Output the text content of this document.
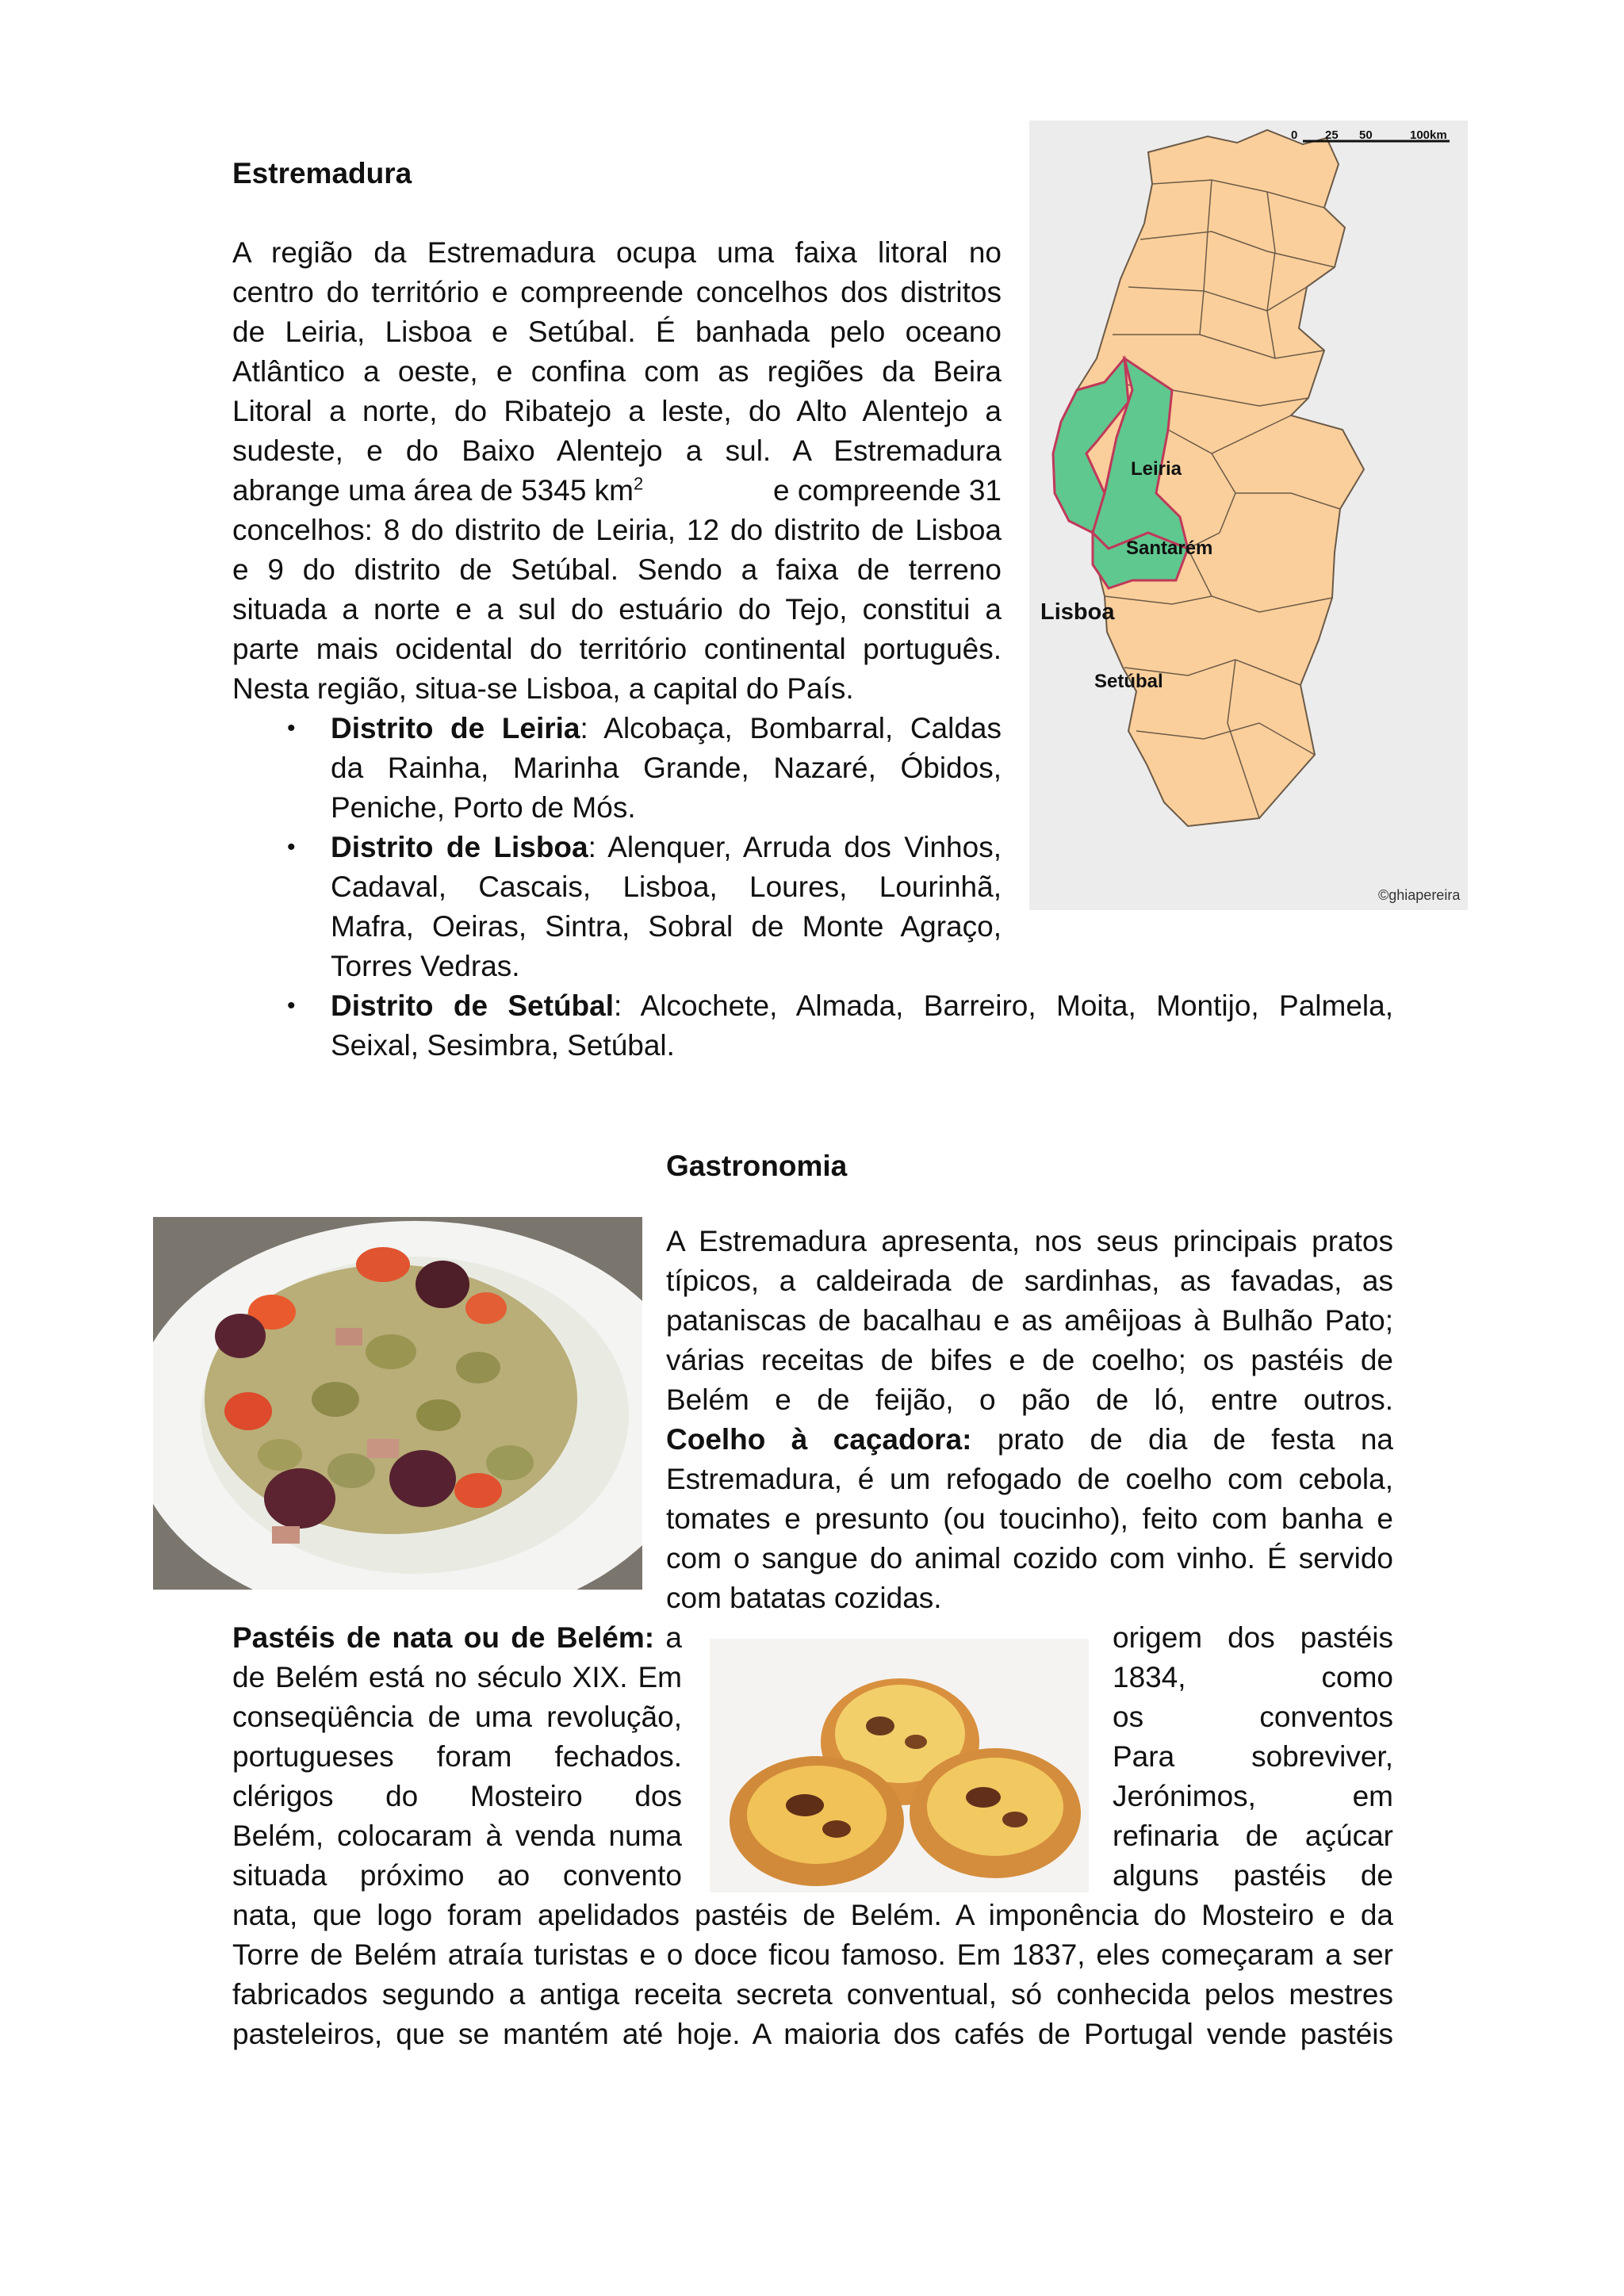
Estremadura
A região da Estremadura ocupa uma faixa litoral no
centro do território e compreende concelhos dos distritos
de Leiria, Lisboa e Setúbal. É banhada pelo oceano
Atlântico a oeste, e confina com as regiões da Beira
Litoral a norte, do Ribatejo a leste, do Alto Alentejo a
sudeste, e do Baixo Alentejo a sul. A Estremadura
abrange uma área de 5345 $km^2$	e compreende 31
concelhos: 8 do distrito de Leiria, 12 do distrito de Lisboa
e 9 do distrito de Setúbal. Sendo a faixa de terreno
situada a norte e a sul do estuário do Tejo, constitui a
parte mais ocidental do território continental português.
Nesta região, situa-se Lisboa, a capital do País.
• Distrito de Leiria: Alcobaça, Bombarral, Caldas
da Rainha, Marinha Grande, Nazaré, Óbidos,
Peniche, Porto de Mós.
• Distrito de Lisboa: Alenquer, Arruda dos Vinhos,
Cadaval, Cascais, Lisboa, Loures, Lourinhã,
Mafra, Oeiras, Sintra, Sobral de Monte Agraço,
Torres Vedras.
• Distrito de Setúbal: Alcochete, Almada, Barreiro, Moita, Montijo, Palmela,
Seixal, Sesimbra, Setúbal.
0 25 50	100km
Leiria
Santarém
Lisboa
Setúbal
©ghiapereira
Gastronomia
A Estremadura apresenta, nos seus principais pratos
típicos, a caldeirada de sardinhas, as favadas, as
pataniscas de bacalhau e as amêijoas à Bulhão Pato;
várias receitas de bifes e de coelho; os pastéis de
Belém e de feijão, o pão de ló, entre outros.
Coelho à caçadora: prato de dia de festa na
Estremadura, é um refogado de coelho com cebola,
tomates e presunto (ou toucinho), feito com banha e
com o sangue do animal cozido com vinho. É servido
com batatas cozidas.
Pastéis de nata ou de Belém: a
de Belém está no século XIX. Em
conseqüência de uma revolução,
portugueses foram fechados.
clérigos do Mosteiro dos
Belém, colocaram à venda numa
situada próximo ao convento
origem dos pastéis
1834, como
os conventos
Para sobreviver,
Jerónimos, em
refinaria de açúcar
alguns pastéis de
nata, que logo foram apelidados pastéis de Belém. A imponência do Mosteiro e da
Torre de Belém atraía turistas e o doce ficou famoso. Em 1837, eles começaram a ser
fabricados segundo a antiga receita secreta conventual, só conhecida pelos mestres
pasteleiros, que se mantém até hoje. A maioria dos cafés de Portugal vende pastéis
